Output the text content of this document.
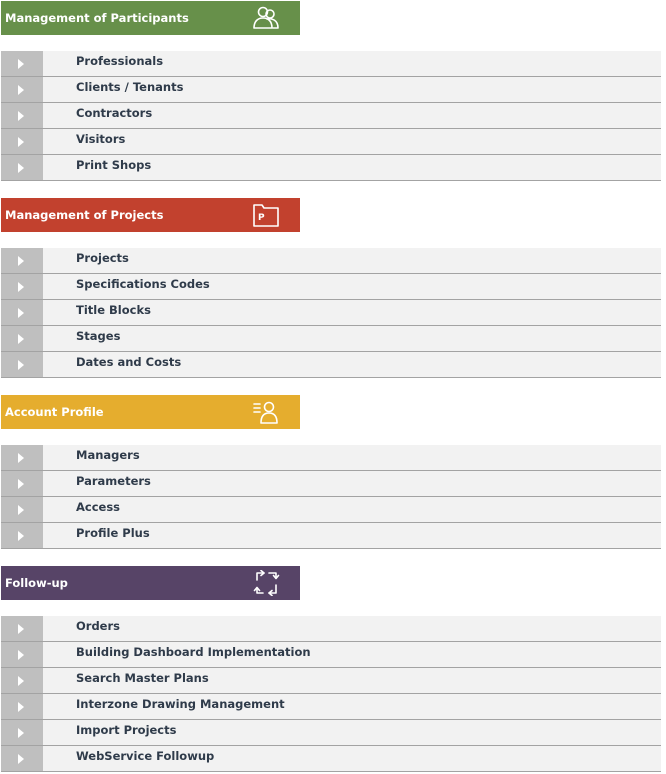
Management of Participants
Professionals
Clients / Tenants
Contractors
Visitors
Print Shops
Management of Projects	P
Projects
Specifications Codes
Title Blocks
Stages
Dates and Costs
Account Profile
Managers
Parameters
Access
Profile Plus
Follow-up
Orders
Building Dashboard Implementation
Search Master Plans
Interzone Drawing Management
Import Projects
WebService Followup
